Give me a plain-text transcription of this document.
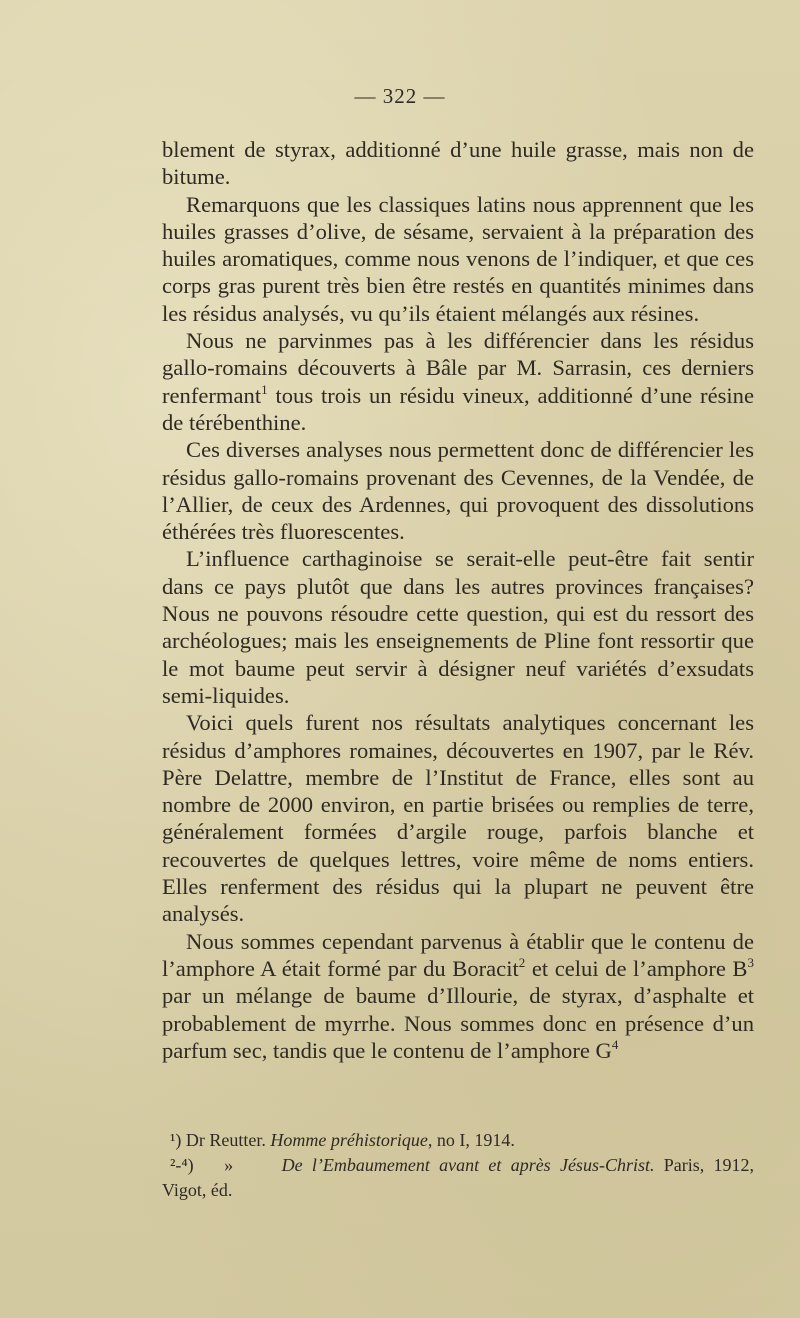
— 322 —

blement de styrax, additionné d’une huile grasse, mais non de bitume.

Remarquons que les classiques latins nous apprennent que les huiles grasses d’olive, de sésame, servaient à la préparation des huiles aromatiques, comme nous venons de l’indiquer, et que ces corps gras purent très bien être restés en quantités minimes dans les résidus analysés, vu qu’ils étaient mélangés aux résines.

Nous ne parvinmes pas à les différencier dans les résidus gallo-romains découverts à Bâle par M. Sarrasin, ces derniers renfermant$^1$ tous trois un résidu vineux, additionné d’une résine de térébenthine.

Ces diverses analyses nous permettent donc de différencier les résidus gallo-romains provenant des Cevennes, de la Vendée, de l’Allier, de ceux des Ardennes, qui provoquent des dissolutions éthérées très fluorescentes.

L’influence carthaginoise se serait-elle peut-être fait sentir dans ce pays plutôt que dans les autres provinces françaises? Nous ne pouvons résoudre cette question, qui est du ressort des archéologues; mais les enseignements de Pline font ressortir que le mot baume peut servir à désigner neuf variétés d’exsudats semi-liquides.

Voici quels furent nos résultats analytiques concernant les résidus d’amphores romaines, découvertes en 1907, par le Rév. Père Delattre, membre de l’Institut de France, elles sont au nombre de 2000 environ, en partie brisées ou remplies de terre, généralement formées d’argile rouge, parfois blanche et recouvertes de quelques lettres, voire même de noms entiers. Elles renferment des résidus qui la plupart ne peuvent être analysés.

Nous sommes cependant parvenus à établir que le contenu de l’amphore A était formé par du Boracit$^2$ et celui de l’amphore $B^3$ par un mélange de baume d’Illourie, de styrax, d’asphalte et probablement de myrrhe. Nous sommes donc en présence d’un parfum sec, tandis que le contenu de l’amphore $G^4$

¹) Dr Reutter. Homme préhistorique, no I, 1914.

²-⁴) »	De l’Embaumement avant et après Jésus-Christ. Paris, 1912, Vigot, éd.
